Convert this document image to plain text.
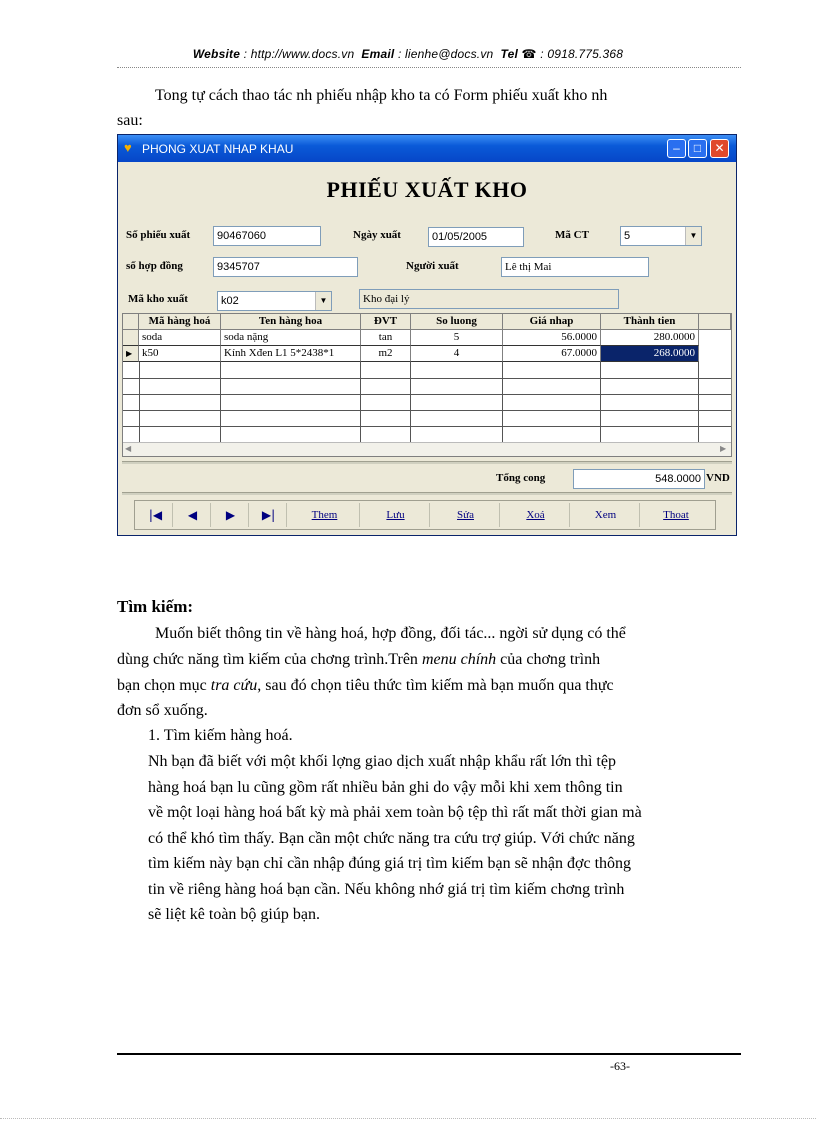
Website : http://www.docs.vn Email : lienhe@docs.vn Tel ☎ : 0918.775.368
Tong tự cách thao tác nh phiếu nhập kho ta có Form phiếu xuất kho nh
sau:
♥ PHONG XUAT NHAP KHAU	–	□	✕
PHIẾU XUẤT KHO
Số phiếu xuất	90467060	Ngày xuất	01/05/2005	Mã CT	5	▼
số hợp đồng	9345707	Người xuất	Lê thị Mai
Mã kho xuất	k02	▼	Kho đại lý
Mã hàng hoá	Ten hàng hoa	ĐVT	So luong	Giá nhap	Thành tien
soda	soda nặng	tan	5	56.0000	280.0000
▶ k50	Kính Xđen L1 5*2438*1	m2	4	67.0000	268.0000
◀	▶
Tổng cong	548.0000 VND
|◀	◀	▶	▶|	Them	Lưu	Sửa	Xoá	Xem	Thoat
Tìm kiếm:
Muốn biết thông tin về hàng hoá, hợp đồng, đối tác... ngời sử dụng có thể
dùng chức năng tìm kiếm của chơng trình.Trên menu chính của chơng trình
bạn chọn mục tra cứu, sau đó chọn tiêu thức tìm kiếm mà bạn muốn qua thực
đơn sổ xuống.
1. Tìm kiếm hàng hoá.
Nh bạn đã biết với một khối lợng giao dịch xuất nhập khẩu rất lớn thì tệp
hàng hoá bạn lu cũng gồm rất nhiều bản ghi do vậy mỗi khi xem thông tin
về một loại hàng hoá bất kỳ mà phải xem toàn bộ tệp thì rất mất thời gian mà
có thể khó tìm thấy. Bạn cần một chức năng tra cứu trợ giúp. Với chức năng
tìm kiếm này bạn chỉ cần nhập đúng giá trị tìm kiếm bạn sẽ nhận đợc thông
tin về riêng hàng hoá bạn cần. Nếu không nhớ giá trị tìm kiếm chơng trình
sẽ liệt kê toàn bộ giúp bạn.
-63-
